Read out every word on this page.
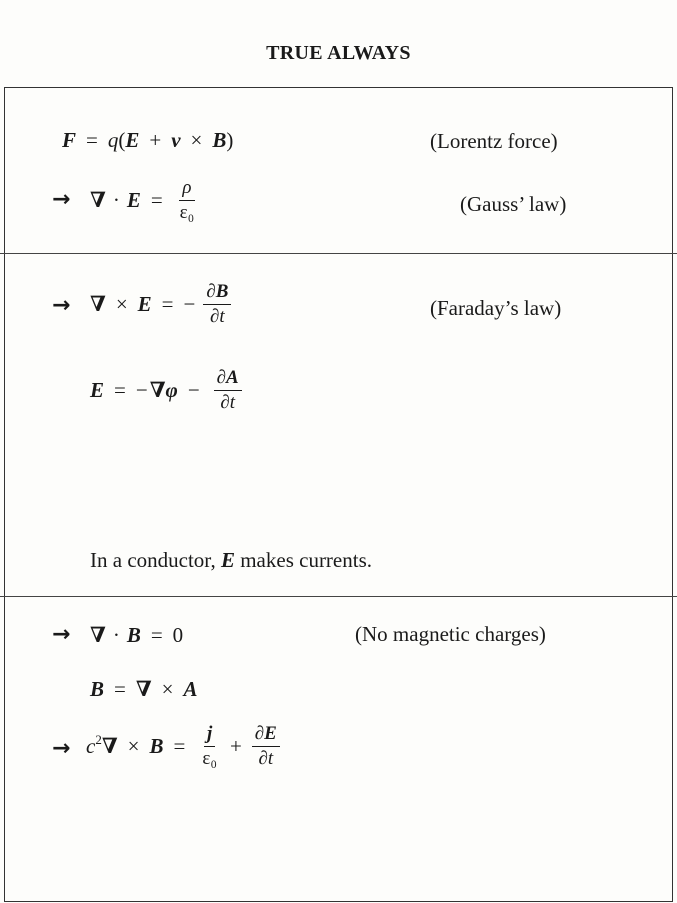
TRUE ALWAYS
F = q ( E + v × B )	(Lorentz force)
→ ∇ · $E = \frac{\rho}{\text{ε₀}}$	(Gauss’ law)
→ ∇ × E = − $\frac{\partial B}{\partial t}$	(Faraday’s law)
E = − $\nabla\varphi - \frac{\partial A}{\partial t}$
In a conductor, E makes currents.
→ ∇ · B = 0	(No magnetic charges)
B = ∇ × A
→ $c^2$ ∇ × $B = \frac{j}{\text{ε₀}} + \frac{\partial E}{\partial t}$
